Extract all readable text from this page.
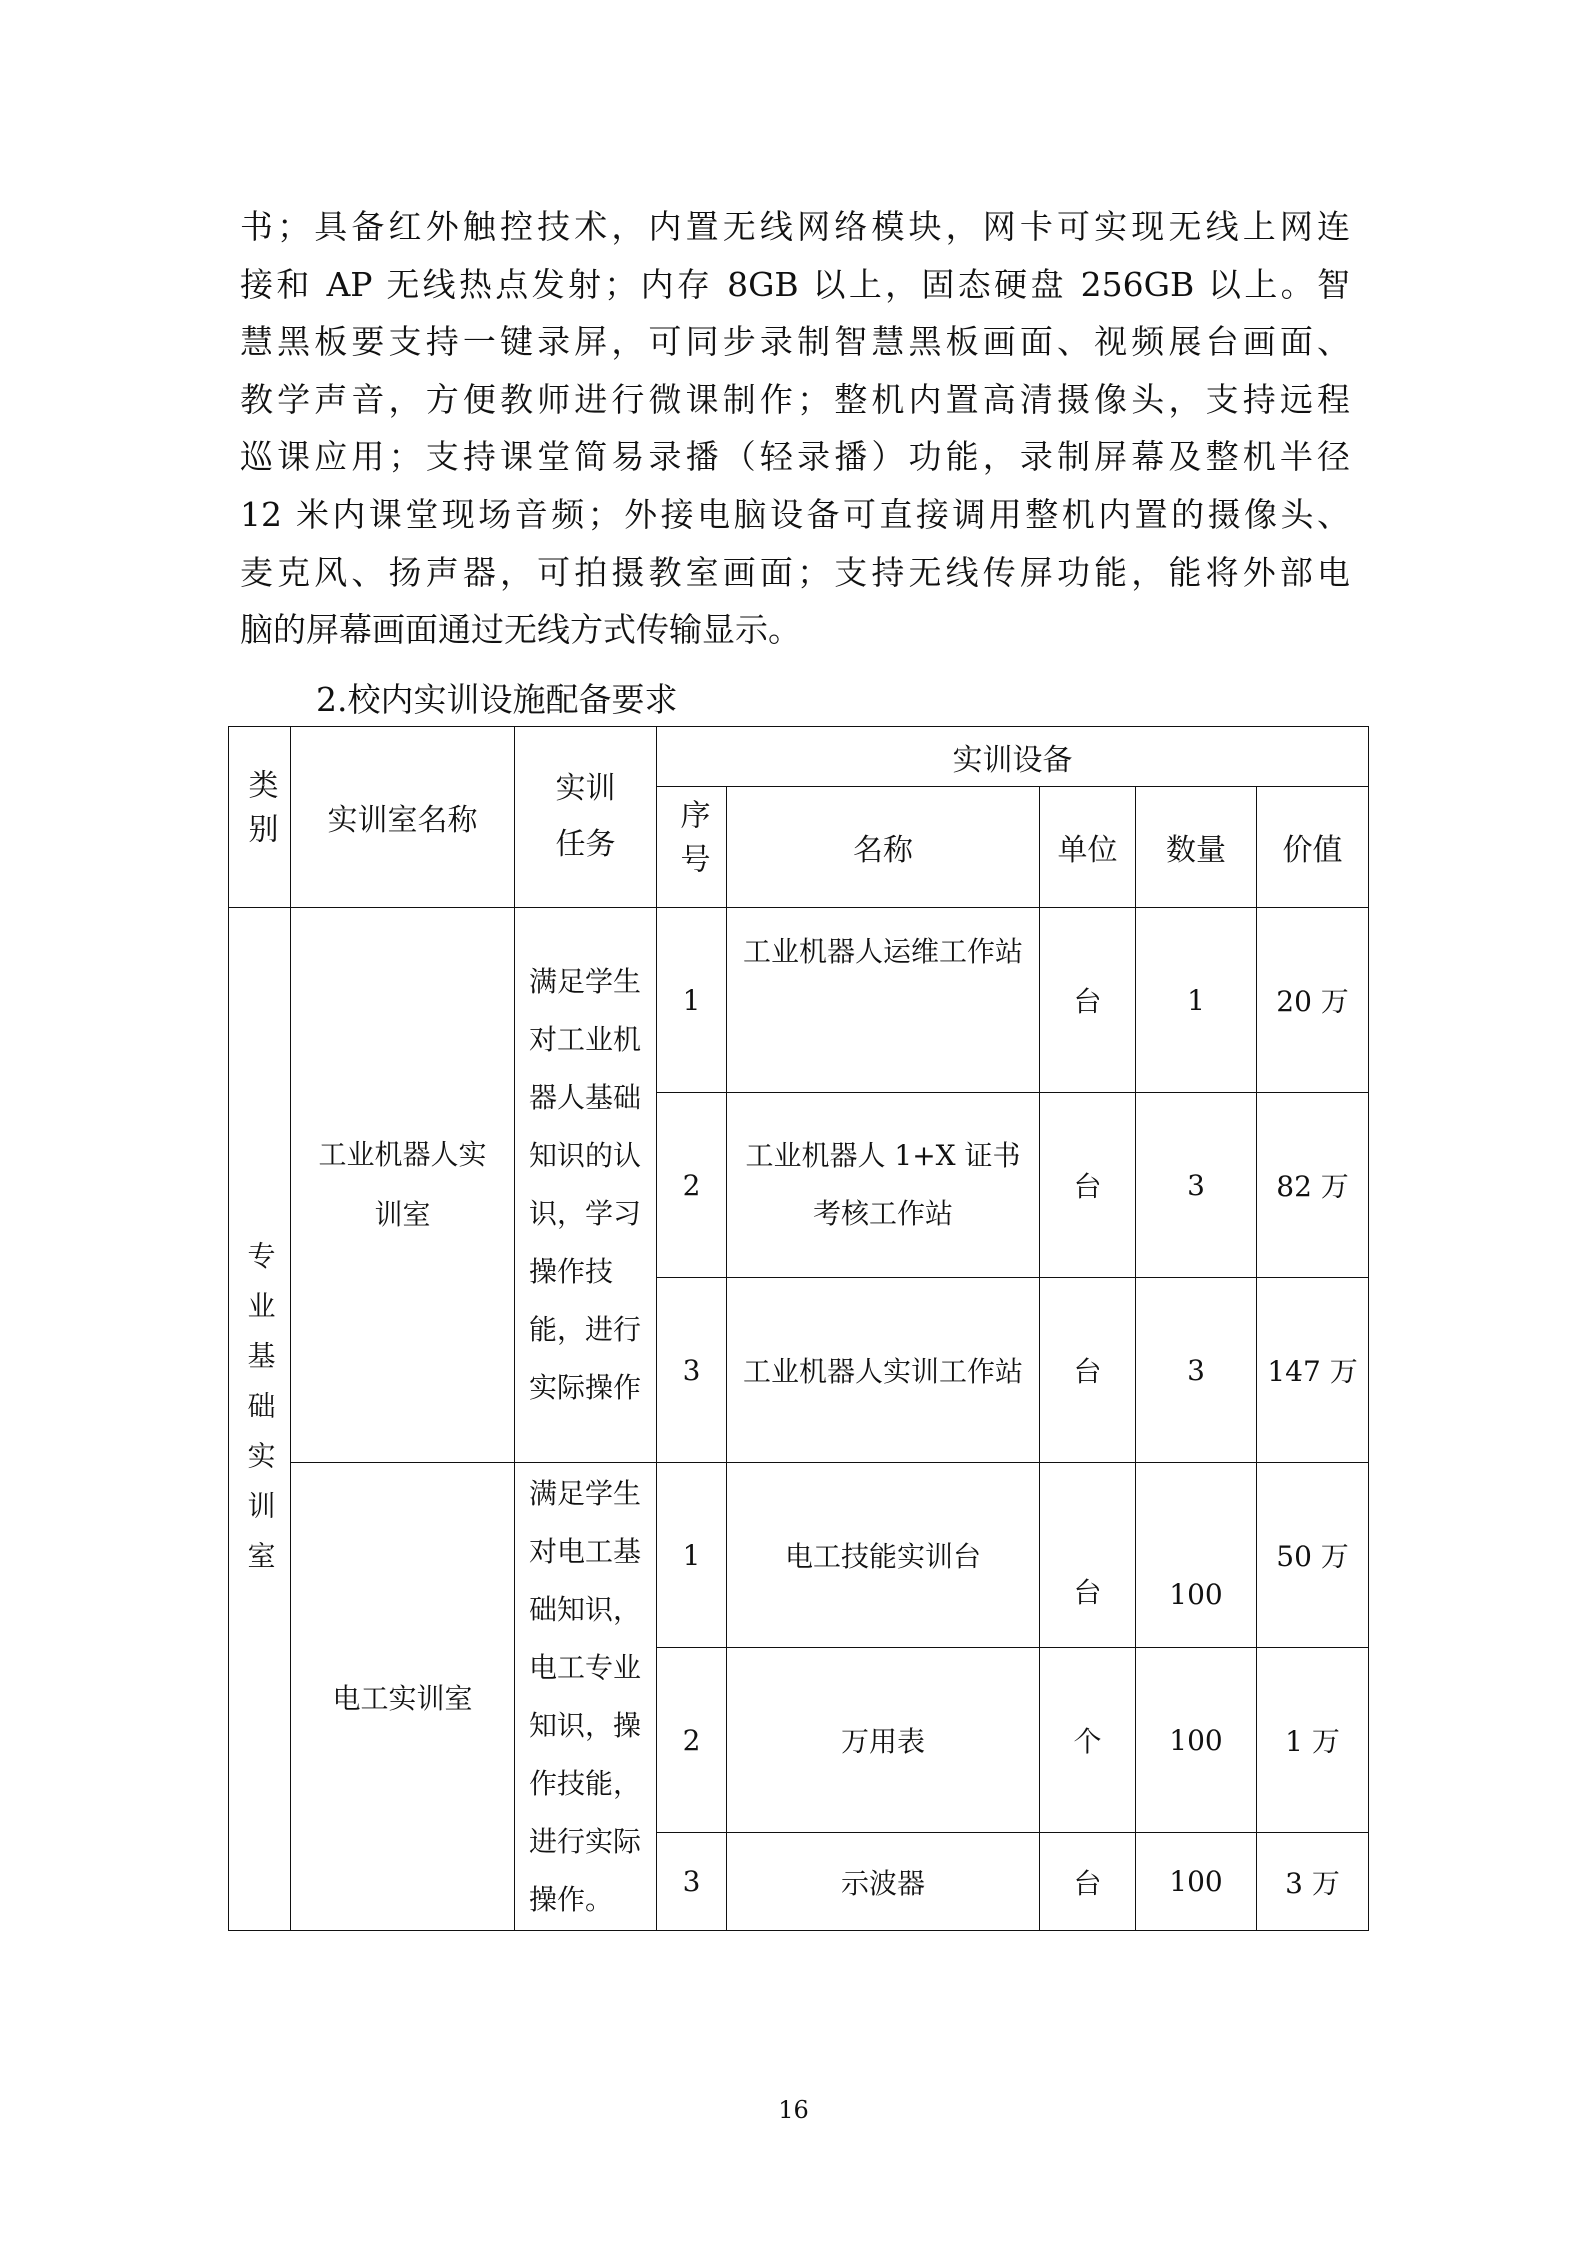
书；具备红外触控技术，内置无线网络模块，网卡可实现无线上网连
接和 AP 无线热点发射；内存 8GB 以上，固态硬盘 256GB 以上。智
慧黑板要支持一键录屏，可同步录制智慧黑板画面、视频展台画面、
教学声音，方便教师进行微课制作；整机内置高清摄像头，支持远程
巡课应用；支持课堂简易录播（轻录播）功能，录制屏幕及整机半径
12 米内课堂现场音频；外接电脑设备可直接调用整机内置的摄像头、
麦克风、扬声器，可拍摄教室画面；支持无线传屏功能，能将外部电
脑的屏幕画面通过无线方式传输显示。
2.校内实训设施配备要求
类别	实训室名称	实训任务	实训设备				
			序号	名称	单位	数量	价值
专业基础实训室	工业机器人实训室	满足学生对工业机器人基础知识的认识，学习操作技能，进行实际操作	1	工业机器人运维工作站	台	1	20 万
			2	工业机器人 1+X 证书考核工作站	台	3	82 万
			3	工业机器人实训工作站	台	3	147 万
	电工实训室	满足学生对电工基础知识，电工专业知识，操作技能，进行实际操作。	1	电工技能实训台	台	100	50 万
			2	万用表	个	100	1 万
			3	示波器	台	100	3 万
16
